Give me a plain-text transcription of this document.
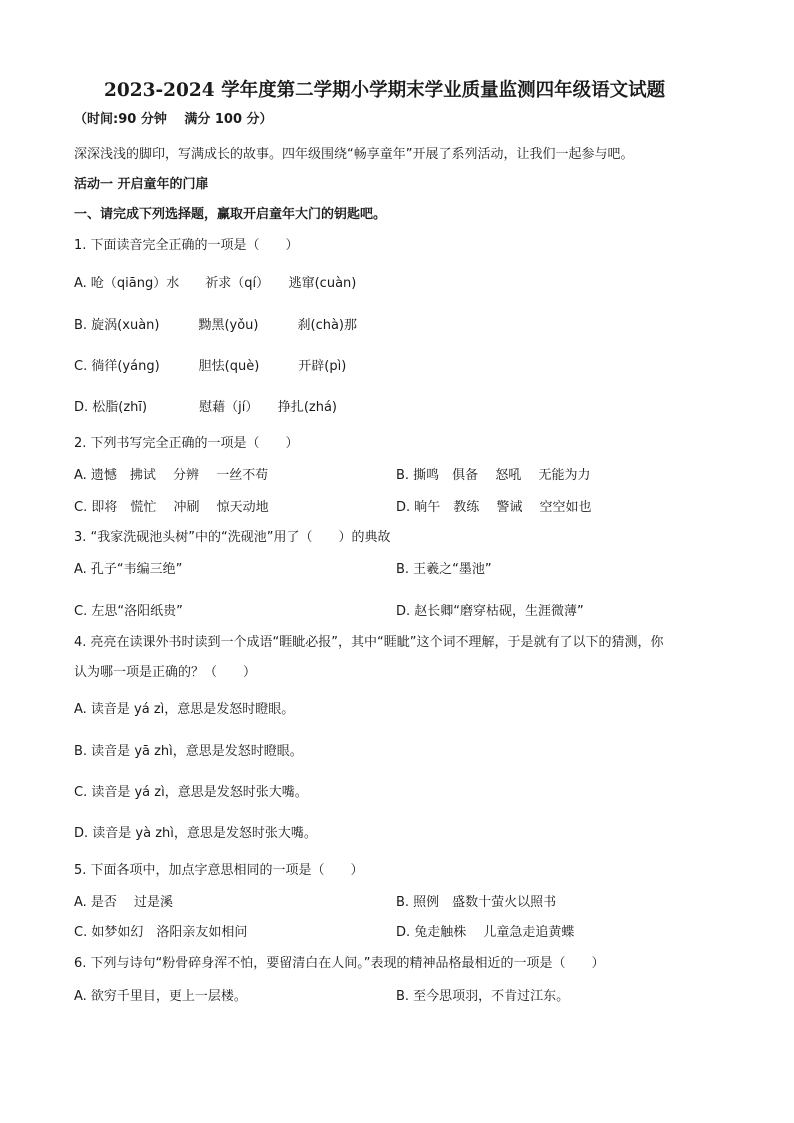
2023-2024 学年度第二学期小学期末学业质量监测四年级语文试题
（时间:90 分钟　 满分 100 分）
深深浅浅的脚印，写满成长的故事。四年级围绕“畅享童年”开展了系列活动，让我们一起参与吧。
活动一 开启童年的门扉
一、请完成下列选择题，赢取开启童年大门的钥匙吧。
1. 下面读音完全正确的一项是（　　）
A. 呛（qiāng）水　　祈求（qí）　　逃窜(cuàn)
B. 旋涡(xuàn)　　　黝黑(yǒu)　　　刹(chà)那
C. 徜徉(yáng)　　　胆怯(què)　　　开辟(pì)
D. 松脂(zhī)　　　　慰藉（jí）　　挣扎(zhá)
2. 下列书写完全正确的一项是（　　）
A. 遗憾　拂试　 分辨　 一丝不苟	B. 撕鸣　俱备　 怒吼　 无能为力
C. 即将　慌忙　 冲刷　 惊天动地	D. 晌午　教练　 警诫　 空空如也
3. “我家洗砚池头树”中的“洗砚池”用了（　　）的典故
A. 孔子“韦编三绝”	B. 王羲之“墨池”
C. 左思“洛阳纸贵”	D. 赵长卿“磨穿枯砚，生涯微薄”
4. 亮亮在读课外书时读到一个成语“睚眦必报”，其中“睚眦”这个词不理解，于是就有了以下的猜测，你
认为哪一项是正确的？（　　）
A. 读音是 yá zì，意思是发怒时瞪眼。
B. 读音是 yā zhì，意思是发怒时瞪眼。
C. 读音是 yá zì，意思是发怒时张大嘴。
D. 读音是 yà zhì，意思是发怒时张大嘴。
5. 下面各项中，加点字意思相同的一项是（　　）
A. 是否　 过是溪	B. 照例　盛数十萤火以照书
C. 如梦如幻　洛阳亲友如相问	D. 兔走触株　 儿童急走追黄蝶
6. 下列与诗句“粉骨碎身浑不怕，要留清白在人间。”表现的精神品格最相近的一项是（　　）
A. 欲穷千里目，更上一层楼。	B. 至今思项羽，不肯过江东。
